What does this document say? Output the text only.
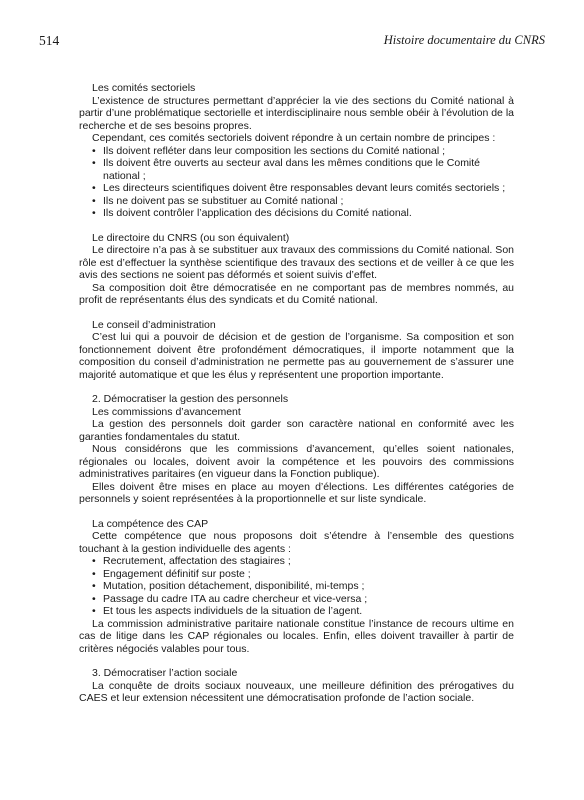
514	Histoire documentaire du CNRS
Les comités sectoriels

L’existence de structures permettant d’apprécier la vie des sections du Comité national à partir d’une problématique sectorielle et interdisciplinaire nous semble obéir à l’évolution de la recherche et de ses besoins propres.

Cependant, ces comités sectoriels doivent répondre à un certain nombre de principes :

• Ils doivent refléter dans leur composition les sections du Comité national ;
• Ils doivent être ouverts au secteur aval dans les mêmes conditions que le Comité national ;
• Les directeurs scientifiques doivent être responsables devant leurs comités sectoriels ;
• Ils ne doivent pas se substituer au Comité national ;
• Ils doivent contrôler l’application des décisions du Comité national.
Le directoire du CNRS (ou son équivalent)

Le directoire n’a pas à se substituer aux travaux des commissions du Comité national. Son rôle est d’effectuer la synthèse scientifique des travaux des sections et de veiller à ce que les avis des sections ne soient pas déformés et soient suivis d’effet.

Sa composition doit être démocratisée en ne comportant pas de membres nommés, au profit de représentants élus des syndicats et du Comité national.

Le conseil d’administration

C’est lui qui a pouvoir de décision et de gestion de l’organisme. Sa composition et son fonctionnement doivent être profondément démocratiques, il importe notamment que la composition du conseil d’administration ne permette pas au gouvernement de s’assurer une majorité automatique et que les élus y représentent une proportion importante.

2. Démocratiser la gestion des personnels
Les commissions d’avancement

La gestion des personnels doit garder son caractère national en conformité avec les garanties fondamentales du statut.

Nous considérons que les commissions d’avancement, qu’elles soient nationales, régionales ou locales, doivent avoir la compétence et les pouvoirs des commissions administratives paritaires (en vigueur dans la Fonction publique).

Elles doivent être mises en place au moyen d’élections. Les différentes catégories de personnels y soient représentées à la proportionnelle et sur liste syndicale.

La compétence des CAP

Cette compétence que nous proposons doit s’étendre à l’ensemble des questions touchant à la gestion individuelle des agents :

• Recrutement, affectation des stagiaires ;
• Engagement définitif sur poste ;
• Mutation, position détachement, disponibilité, mi-temps ;
• Passage du cadre ITA au cadre chercheur et vice-versa ;
• Et tous les aspects individuels de la situation de l’agent.

La commission administrative paritaire nationale constitue l’instance de recours ultime en cas de litige dans les CAP régionales ou locales. Enfin, elles doivent travailler à partir de critères négociés valables pour tous.

3. Démocratiser l’action sociale

La conquête de droits sociaux nouveaux, une meilleure définition des prérogatives du CAES et leur extension nécessitent une démocratisation profonde de l’action sociale.
